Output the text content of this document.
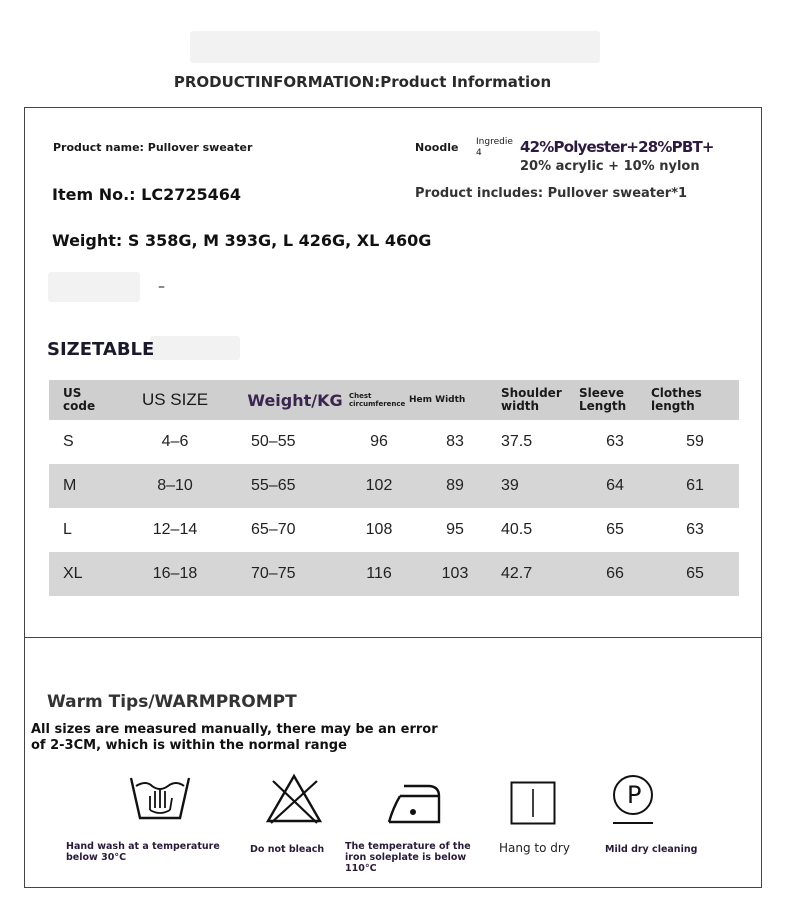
PRODUCTINFORMATION:Product Information
Product name: Pullover sweater
Item No.: LC2725464
Weight: S 358G, M 393G, L 426G, XL 460G
–
Noodle Ingredie
4	42%Polyester+28%PBT+
20% acrylic + 10% nylon
Product includes: Pullover sweater*1
SIZETABLE
US code	US SIZE	Weight/KG	Chest circumference	Hem Width	Shoulder width	Sleeve Length	Clothes length
S	4–6	50–55	96	83	37.5	63	59
M	8–10	55–65	102	89	39	64	61
L	12–14	65–70	108	95	40.5	65	63
XL	16–18	70–75	116	103	42.7	66	65
Warm Tips/WARMPROMPT
All sizes are measured manually, there may be an error of 2-3CM, which is within the normal range
P
Hand wash at a temperature below 30°C
Do not bleach The temperature of the iron soleplate is below 110°C
Hang to dry	Mild dry cleaning
